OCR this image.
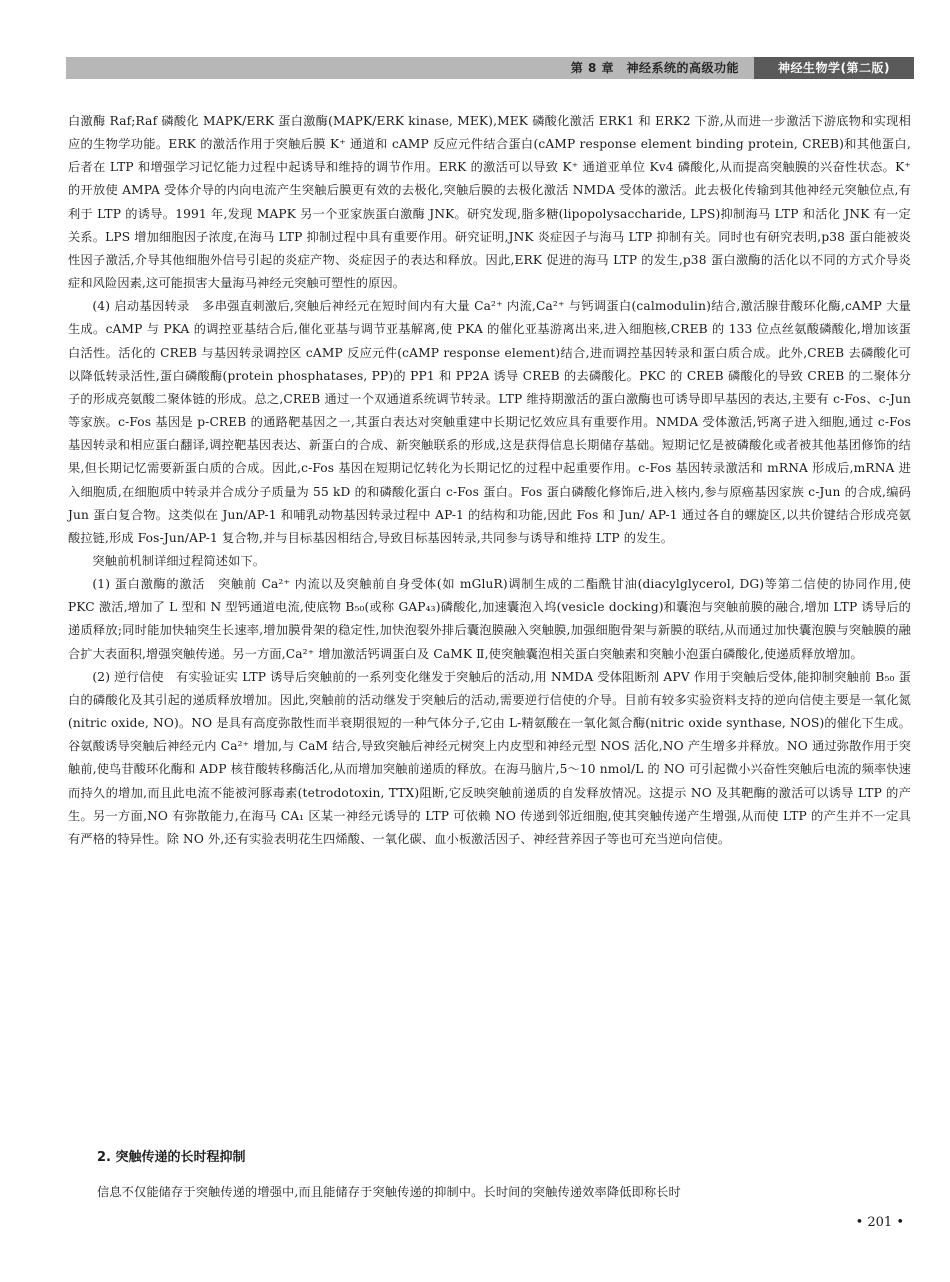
第 8 章　神经系统的高级功能	神经生物学(第二版)

白激酶 Raf;Raf 磷酸化 MAPK/ERK 蛋白激酶(MAPK/ERK kinase, MEK),MEK 磷酸化激活 ERK1 和 ERK2 下游,从而进一步激活下游底物和实现相应的生物学功能。ERK 的激活作用于突触后膜 K⁺ 通道和 cAMP 反应元件结合蛋白(cAMP response element binding protein, CREB)和其他蛋白,后者在 LTP 和增强学习记忆能力过程中起诱导和维持的调节作用。ERK 的激活可以导致 K⁺ 通道亚单位 Kv4 磷酸化,从而提高突触膜的兴奋性状态。K⁺ 的开放使 AMPA 受体介导的内向电流产生突触后膜更有效的去极化,突触后膜的去极化激活 NMDA 受体的激活。此去极化传输到其他神经元突触位点,有利于 LTP 的诱导。1991 年,发现 MAPK 另一个亚家族蛋白激酶 JNK。研究发现,脂多糖(lipopolysaccharide, LPS)抑制海马 LTP 和活化 JNK 有一定关系。LPS 增加细胞因子浓度,在海马 LTP 抑制过程中具有重要作用。研究证明,JNK 炎症因子与海马 LTP 抑制有关。同时也有研究表明,p38 蛋白能被炎性因子激活,介导其他细胞外信号引起的炎症产物、炎症因子的表达和释放。因此,ERK 促进的海马 LTP 的发生,p38 蛋白激酶的活化以不同的方式介导炎症和风险因素,这可能损害大量海马神经元突触可塑性的原因。

(4) 启动基因转录　多串强直刺激后,突触后神经元在短时间内有大量 Ca²⁺ 内流,Ca²⁺ 与钙调蛋白(calmodulin)结合,激活腺苷酸环化酶,cAMP 大量生成。cAMP 与 PKA 的调控亚基结合后,催化亚基与调节亚基解离,使 PKA 的催化亚基游离出来,进入细胞核,CREB 的 133 位点丝氨酸磷酸化,增加该蛋白活性。活化的 CREB 与基因转录调控区 cAMP 反应元件(cAMP response element)结合,进而调控基因转录和蛋白质合成。此外,CREB 去磷酸化可以降低转录活性,蛋白磷酸酶(protein phosphatases, PP)的 PP1 和 PP2A 诱导 CREB 的去磷酸化。PKC 的 CREB 磷酸化的导致 CREB 的二聚体分子的形成亮氨酸二聚体链的形成。总之,CREB 通过一个双通道系统调节转录。LTP 维持期激活的蛋白激酶也可诱导即早基因的表达,主要有 c-Fos、c-Jun 等家族。c-Fos 基因是 p-CREB 的通路靶基因之一,其蛋白表达对突触重建中长期记忆效应具有重要作用。NMDA 受体激活,钙离子进入细胞,通过 c-Fos 基因转录和相应蛋白翻译,调控靶基因表达、新蛋白的合成、新突触联系的形成,这是获得信息长期储存基础。短期记忆是被磷酸化或者被其他基团修饰的结果,但长期记忆需要新蛋白质的合成。因此,c-Fos 基因在短期记忆转化为长期记忆的过程中起重要作用。c-Fos 基因转录激活和 mRNA 形成后,mRNA 进入细胞质,在细胞质中转录并合成分子质量为 55 kD 的和磷酸化蛋白 c-Fos 蛋白。Fos 蛋白磷酸化修饰后,进入核内,参与原癌基因家族 c-Jun 的合成,编码 Jun 蛋白复合物。这类似在 Jun/AP-1 和哺乳动物基因转录过程中 AP-1 的结构和功能,因此 Fos 和 Jun/ AP-1 通过各自的螺旋区,以共价键结合形成亮氨酸拉链,形成 Fos-Jun/AP-1 复合物,并与目标基因相结合,导致目标基因转录,共同参与诱导和维持 LTP 的发生。

突触前机制详细过程简述如下。

(1) 蛋白激酶的激活　突触前 Ca²⁺ 内流以及突触前自身受体(如 mGluR)调制生成的二酯酰甘油(diacylglycerol, DG)等第二信使的协同作用,使 PKC 激活,增加了 L 型和 N 型钙通道电流,使底物 B₅₀(或称 GAP₄₃)磷酸化,加速囊泡入坞(vesicle docking)和囊泡与突触前膜的融合,增加 LTP 诱导后的递质释放;同时能加快轴突生长速率,增加膜骨架的稳定性,加快泡裂外排后囊泡膜融入突触膜,加强细胞骨架与新膜的联结,从而通过加快囊泡膜与突触膜的融合扩大表面积,增强突触传递。另一方面,Ca²⁺ 增加激活钙调蛋白及 CaMK Ⅱ,使突触囊泡相关蛋白突触素和突触小泡蛋白磷酸化,使递质释放增加。

(2) 逆行信使　有实验证实 LTP 诱导后突触前的一系列变化继发于突触后的活动,用 NMDA 受体阻断剂 APV 作用于突触后受体,能抑制突触前 B₅₀ 蛋白的磷酸化及其引起的递质释放增加。因此,突触前的活动继发于突触后的活动,需要逆行信使的介导。目前有较多实验资料支持的逆向信使主要是一氧化氮(nitric oxide, NO)。NO 是具有高度弥散性而半衰期很短的一种气体分子,它由 L-精氨酸在一氧化氮合酶(nitric oxide synthase, NOS)的催化下生成。谷氨酸诱导突触后神经元内 Ca²⁺ 增加,与 CaM 结合,导致突触后神经元树突上内皮型和神经元型 NOS 活化,NO 产生增多并释放。NO 通过弥散作用于突触前,使鸟苷酸环化酶和 ADP 核苷酸转移酶活化,从而增加突触前递质的释放。在海马脑片,5～10 nmol/L 的 NO 可引起微小兴奋性突触后电流的频率快速而持久的增加,而且此电流不能被河豚毒素(tetrodotoxin, TTX)阻断,它反映突触前递质的自发释放情况。这提示 NO 及其靶酶的激活可以诱导 LTP 的产生。另一方面,NO 有弥散能力,在海马 CA₁ 区某一神经元诱导的 LTP 可依赖 NO 传递到邻近细胞,使其突触传递产生增强,从而使 LTP 的产生并不一定具有严格的特异性。除 NO 外,还有实验表明花生四烯酸、一氧化碳、血小板激活因子、神经营养因子等也可充当逆向信使。

2. 突触传递的长时程抑制
信息不仅能储存于突触传递的增强中,而且能储存于突触传递的抑制中。长时间的突触传递效率降低即称长时
• 201 •
